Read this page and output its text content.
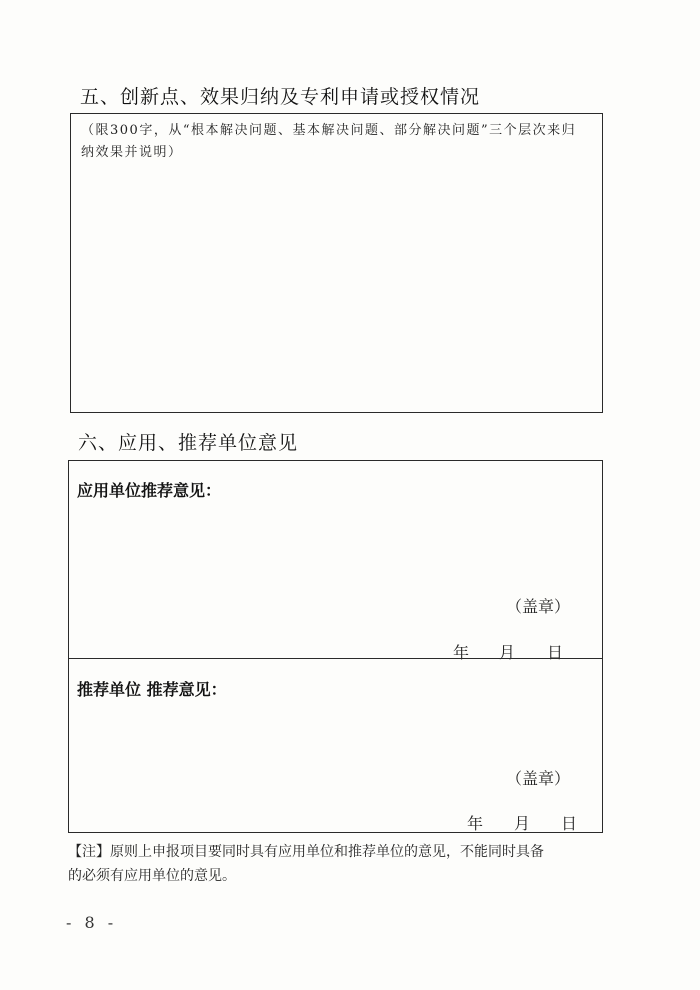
五、创新点、效果归纳及专利申请或授权情况
（限300字，从“根本解决问题、基本解决问题、部分解决问题”三个层次来归
纳效果并说明）
六、应用、推荐单位意见
应用单位推荐意见：
（盖章）
年 月 日
推荐单位 推荐意见：
（盖章）
年 月 日
【注】原则上申报项目要同时具有应用单位和推荐单位的意见，不能同时具备
的必须有应用单位的意见。
- 8 -
